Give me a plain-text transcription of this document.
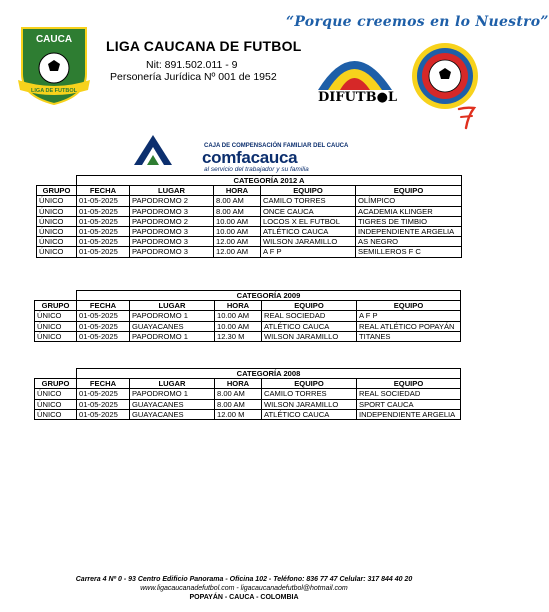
CAUCA
LIGA DE FUTBOL
LIGA CAUCANA DE FUTBOL
Nit: 891.502.011 - 9
Personería Jurídica Nº 001 de 1952
“Porque creemos en lo Nuestro”
DIFUTB●L
CAJA DE COMPENSACIÓN FAMILIAR DEL CAUCA
comfacauca
al servicio del trabajador y su familia
	CATEGORÍA 2012 A				
GRUPO	FECHA	LUGAR	HORA	EQUIPO	EQUIPO
ÚNICO	01-05-2025	PAPODROMO 2	8.00 AM	CAMILO TORRES	OLÍMPICO
ÚNICO	01-05-2025	PAPODROMO 3	8.00 AM	ONCE CAUCA	ACADEMIA KLINGER
ÚNICO	01-05-2025	PAPODROMO 2	10.00 AM	LOCOS X EL FUTBOL	TIGRES DE TIMBIO
ÚNICO	01-05-2025	PAPODROMO 3	10.00 AM	ATLÉTICO CAUCA	INDEPENDIENTE ARGELIA
ÚNICO	01-05-2025	PAPODROMO 3	12.00 AM	WILSON JARAMILLO	AS NEGRO
ÚNICO	01-05-2025	PAPODROMO 3	12.00 AM	A F P	SEMILLEROS F C
	CATEGORÍA 2009				
GRUPO	FECHA	LUGAR	HORA	EQUIPO	EQUIPO
ÚNICO	01-05-2025	PAPODROMO 1	10.00 AM	REAL SOCIEDAD	A F P
ÚNICO	01-05-2025	GUAYACANES	10.00 AM	ATLÉTICO CAUCA	REAL ATLÉTICO POPAYÁN
ÚNICO	01-05-2025	PAPODROMO 1	12.30 M	WILSON JARAMILLO	TITANES
	CATEGORÍA 2008				
GRUPO	FECHA	LUGAR	HORA	EQUIPO	EQUIPO
ÚNICO	01-05-2025	PAPODROMO 1	8.00 AM	CAMILO TORRES	REAL SOCIEDAD
ÚNICO	01-05-2025	GUAYACANES	8.00 AM	WILSON JARAMILLO	SPORT CAUCA
ÚNICO	01-05-2025	GUAYACANES	12.00 M	ATLÉTICO CAUCA	INDEPENDIENTE ARGELIA
Carrera 4 Nº 0 - 93 Centro Edificio Panorama - Oficina 102 - Teléfono: 836 77 47 Celular: 317 844 40 20
www.ligacaucanadefutbol.com - ligacaucanadefutbol@hotmail.com
POPAYÁN - CAUCA - COLOMBIA
